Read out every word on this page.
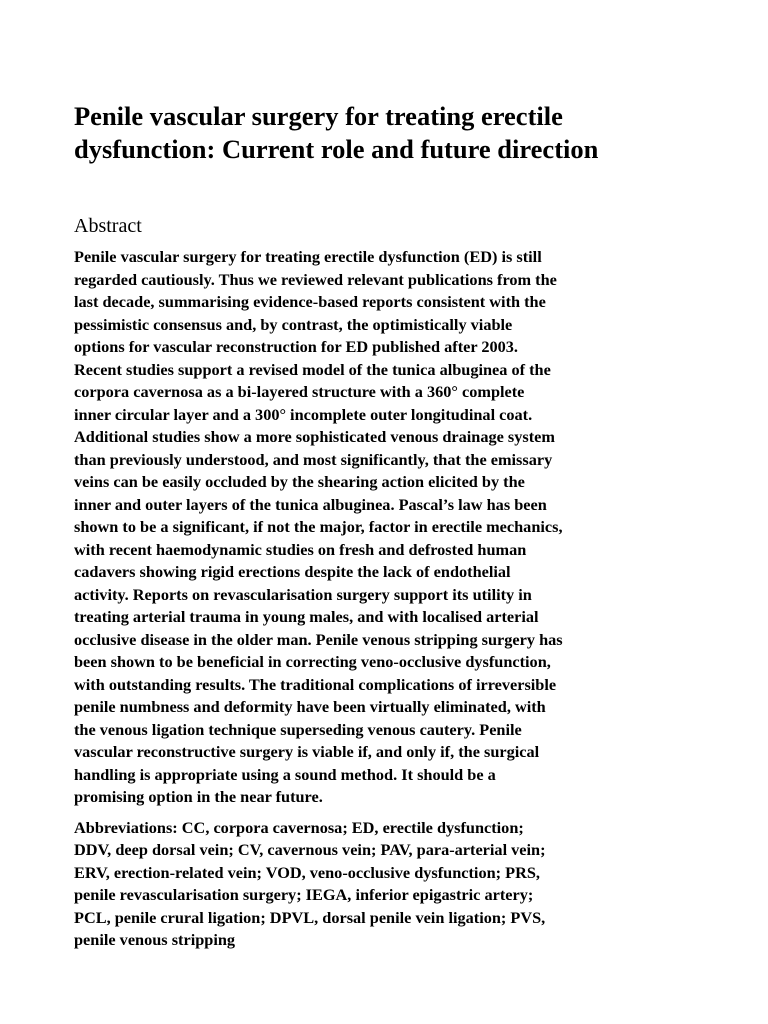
Penile vascular surgery for treating erectile
dysfunction: Current role and future direction
Abstract

Penile vascular surgery for treating erectile dysfunction (ED) is still
regarded cautiously. Thus we reviewed relevant publications from the
last decade, summarising evidence-based reports consistent with the
pessimistic consensus and, by contrast, the optimistically viable
options for vascular reconstruction for ED published after 2003.
Recent studies support a revised model of the tunica albuginea of the
corpora cavernosa as a bi-layered structure with a 360° complete
inner circular layer and a 300° incomplete outer longitudinal coat.
Additional studies show a more sophisticated venous drainage system
than previously understood, and most significantly, that the emissary
veins can be easily occluded by the shearing action elicited by the
inner and outer layers of the tunica albuginea. Pascal’s law has been
shown to be a significant, if not the major, factor in erectile mechanics,
with recent haemodynamic studies on fresh and defrosted human
cadavers showing rigid erections despite the lack of endothelial
activity. Reports on revascularisation surgery support its utility in
treating arterial trauma in young males, and with localised arterial
occlusive disease in the older man. Penile venous stripping surgery has
been shown to be beneficial in correcting veno-occlusive dysfunction,
with outstanding results. The traditional complications of irreversible
penile numbness and deformity have been virtually eliminated, with
the venous ligation technique superseding venous cautery. Penile
vascular reconstructive surgery is viable if, and only if, the surgical
handling is appropriate using a sound method. It should be a
promising option in the near future.

Abbreviations: CC, corpora cavernosa; ED, erectile dysfunction;
DDV, deep dorsal vein; CV, cavernous vein; PAV, para-arterial vein;
ERV, erection-related vein; VOD, veno-occlusive dysfunction; PRS,
penile revascularisation surgery; IEGA, inferior epigastric artery;
PCL, penile crural ligation; DPVL, dorsal penile vein ligation; PVS,
penile venous stripping
